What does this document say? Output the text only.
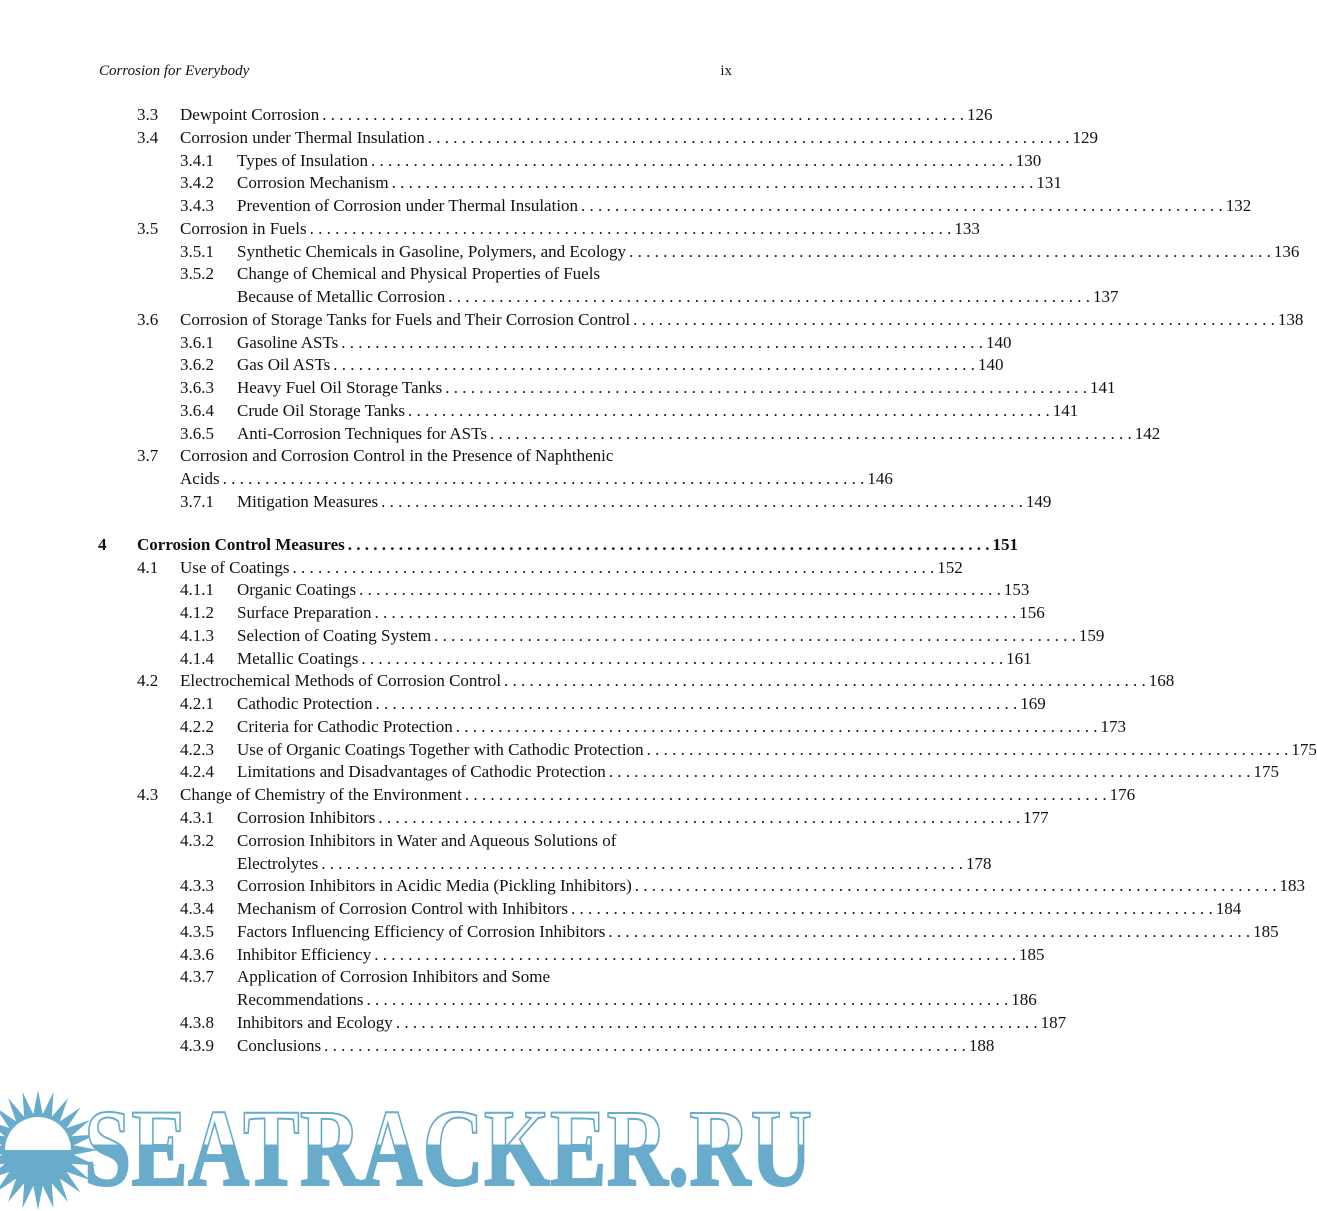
Corrosion for Everybody	ix
3.3 Dewpoint Corrosion . . .	126
3.4 Corrosion under Thermal Insulation . . .	129
3.4.1 Types of Insulation . . .	130
3.4.2 Corrosion Mechanism . . .	131
3.4.3 Prevention of Corrosion under Thermal Insulation . . .	132
3.5 Corrosion in Fuels . . .	133
3.5.1 Synthetic Chemicals in Gasoline, Polymers, and Ecology . . .	136
3.5.2 Change of Chemical and Physical Properties of Fuels
Because of Metallic Corrosion . . .	137
3.6 Corrosion of Storage Tanks for Fuels and Their Corrosion Control . . .	138
3.6.1 Gasoline ASTs . . .	140
3.6.2 Gas Oil ASTs . . .	140
3.6.3 Heavy Fuel Oil Storage Tanks . . .	141
3.6.4 Crude Oil Storage Tanks . . .	141
3.6.5 Anti-Corrosion Techniques for ASTs . . .	142
3.7 Corrosion and Corrosion Control in the Presence of Naphthenic
Acids . . .	146
3.7.1 Mitigation Measures . . .	149
4 Corrosion Control Measures . . .	151
4.1 Use of Coatings . . .	152
4.1.1 Organic Coatings . . .	153
4.1.2 Surface Preparation . . .	156
4.1.3 Selection of Coating System . . .	159
4.1.4 Metallic Coatings . . .	161
4.2 Electrochemical Methods of Corrosion Control . . .	168
4.2.1 Cathodic Protection . . .	169
4.2.2 Criteria for Cathodic Protection . . .	173
4.2.3 Use of Organic Coatings Together with Cathodic Protection . . .	175
4.2.4 Limitations and Disadvantages of Cathodic Protection . . .	175
4.3 Change of Chemistry of the Environment . . .	176
4.3.1 Corrosion Inhibitors . . .	177
4.3.2 Corrosion Inhibitors in Water and Aqueous Solutions of
Electrolytes . . .	178
4.3.3 Corrosion Inhibitors in Acidic Media (Pickling Inhibitors) . . .	183
4.3.4 Mechanism of Corrosion Control with Inhibitors . . .	184
4.3.5 Factors Influencing Efficiency of Corrosion Inhibitors . . .	185
4.3.6 Inhibitor Efficiency . . .	185
4.3.7 Application of Corrosion Inhibitors and Some
Recommendations . . .	186
4.3.8 Inhibitors and Ecology . . .	187
4.3.9 Conclusions . . .	188
SEATRACKER.RU
